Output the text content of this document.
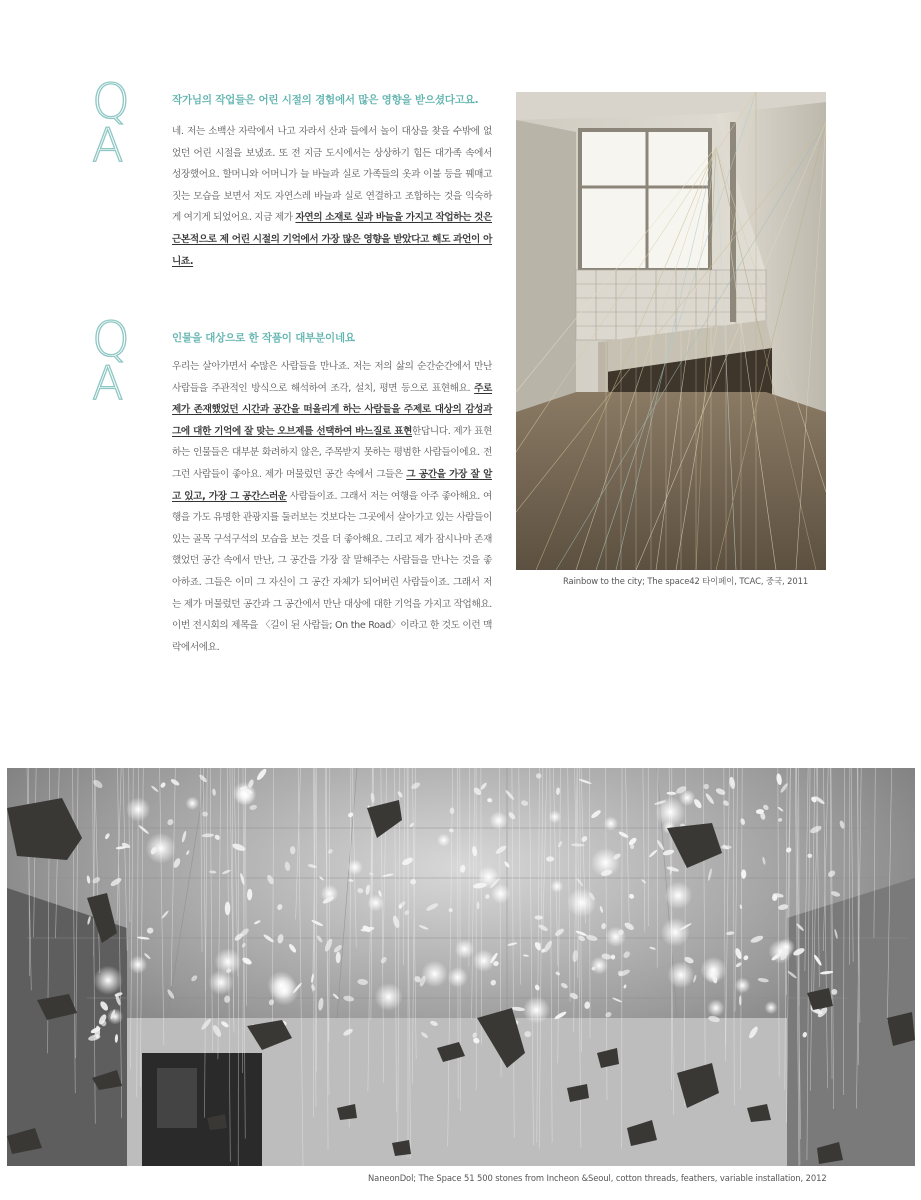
Q
A
작가님의 작업들은 어린 시절의 경험에서 많은 영향을 받으셨다고요.
네. 저는 소백산 자락에서 나고 자라서 산과 들에서 놀이 대상을 찾을 수밖에 없었던 어린 시절을 보냈죠. 또 전 지금 도시에서는 상상하기 힘든 대가족 속에서 성장했어요. 할머니와 어머니가 늘 바늘과 실로 가족들의 옷과 이불 등을 꿰매고 짓는 모습을 보면서 저도 자연스레 바늘과 실로 연결하고 조합하는 것을 익숙하게 여기게 되었어요. 지금 제가 자연의 소재로 실과 바늘을 가지고 작업하는 것은 근본적으로 제 어린 시절의 기억에서 가장 많은 영향을 받았다고 해도 과언이 아니죠.
Q
A
인물을 대상으로 한 작품이 대부분이네요
우리는 살아가면서 수많은 사람들을 만나죠. 저는 저의 삶의 순간순간에서 만난 사람들을 주관적인 방식으로 해석하여 조각, 설치, 평면 등으로 표현해요. 주로 제가 존재했었던 시간과 공간을 떠올리게 하는 사람들을 주제로 대상의 감성과 그에 대한 기억에 잘 맞는 오브제를 선택하여 바느질로 표현한답니다. 제가 표현하는 인물들은 대부분 화려하지 않은, 주목받지 못하는 평범한 사람들이에요. 전 그런 사람들이 좋아요. 제가 머물렀던 공간 속에서 그들은 그 공간을 가장 잘 알고 있고, 가장 그 공간스러운 사람들이죠. 그래서 저는 여행을 아주 좋아해요. 여행을 가도 유명한 관광지를 둘러보는 것보다는 그곳에서 살아가고 있는 사람들이 있는 골목 구석구석의 모습을 보는 것을 더 좋아해요. 그리고 제가 잠시나마 존재했었던 공간 속에서 만난, 그 공간을 가장 잘 말해주는 사람들을 만나는 것을 좋아하죠. 그들은 이미 그 자신이 그 공간 자체가 되어버린 사람들이죠. 그래서 저는 제가 머물렀던 공간과 그 공간에서 만난 대상에 대한 기억을 가지고 작업해요. 이번 전시회의 제목을 〈길이 된 사람들; On the Road〉이라고 한 것도 이런 맥락에서에요.
Rainbow to the city; The space42 타이페이, TCAC, 중국, 2011
NaneonDol; The Space 51 500 stones from Incheon &Seoul, cotton threads, feathers, variable installation, 2012
